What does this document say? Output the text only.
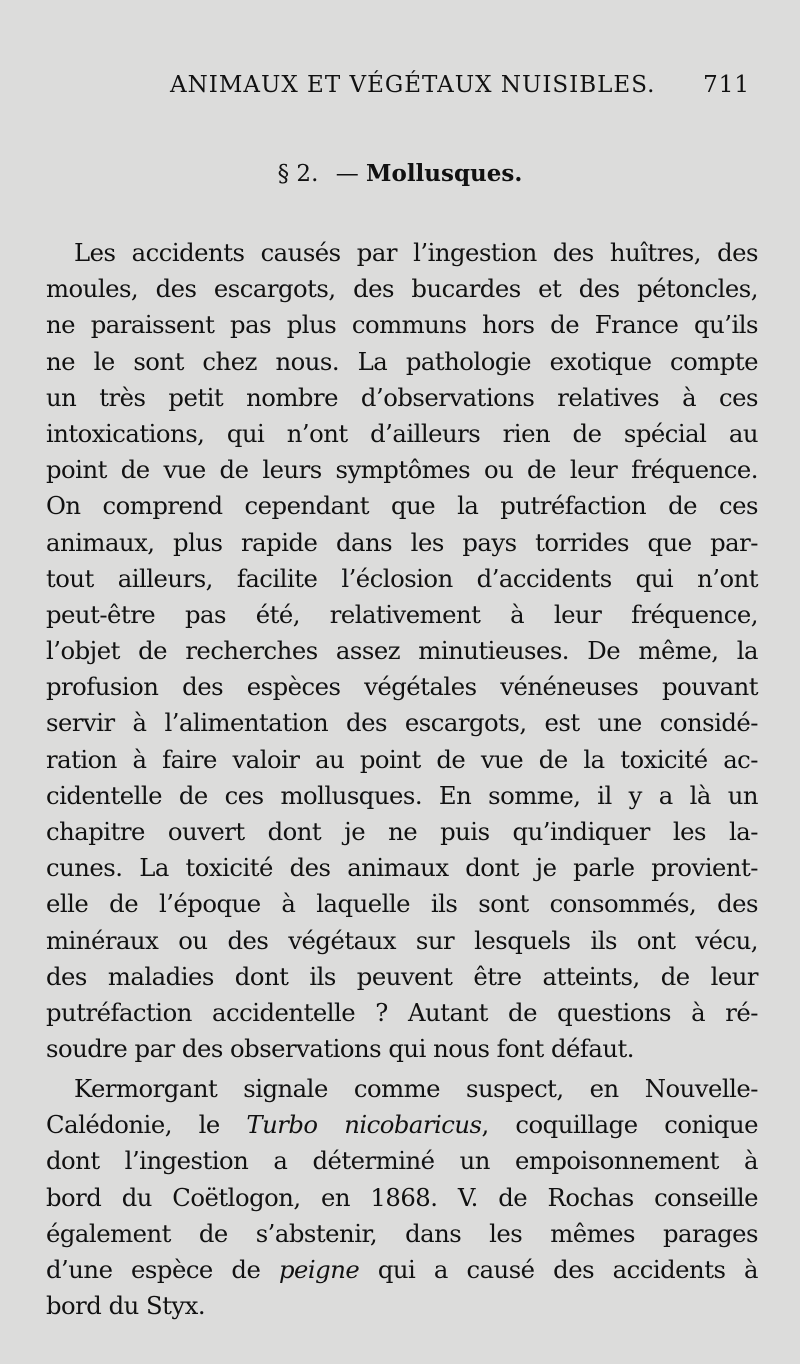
ANIMAUX ET VÉGÉTAUX NUISIBLES. 711
§ 2. — Mollusques.
Les accidents causés par l’ingestion des huîtres, des
moules, des escargots, des bucardes et des pétoncles,
ne paraissent pas plus communs hors de France qu’ils
ne le sont chez nous. La pathologie exotique compte
un très petit nombre d’observations relatives à ces
intoxications, qui n’ont d’ailleurs rien de spécial au
point de vue de leurs symptômes ou de leur fréquence.
On comprend cependant que la putréfaction de ces
animaux, plus rapide dans les pays torrides que par-
tout ailleurs, facilite l’éclosion d’accidents qui n’ont
peut-être pas été, relativement à leur fréquence,
l’objet de recherches assez minutieuses. De même, la
profusion des espèces végétales vénéneuses pouvant
servir à l’alimentation des escargots, est une considé-
ration à faire valoir au point de vue de la toxicité ac-
cidentelle de ces mollusques. En somme, il y a là un
chapitre ouvert dont je ne puis qu’indiquer les la-
cunes. La toxicité des animaux dont je parle provient-
elle de l’époque à laquelle ils sont consommés, des
minéraux ou des végétaux sur lesquels ils ont vécu,
des maladies dont ils peuvent être atteints, de leur
putréfaction accidentelle ? Autant de questions à ré-
soudre par des observations qui nous font défaut.
Kermorgant signale comme suspect, en Nouvelle-
Calédonie, le Turbo nicobaricus, coquillage conique
dont l’ingestion a déterminé un empoisonnement à
bord du Coëtlogon, en 1868. V. de Rochas conseille
également de s’abstenir, dans les mêmes parages
d’une espèce de peigne qui a causé des accidents à
bord du Styx.
